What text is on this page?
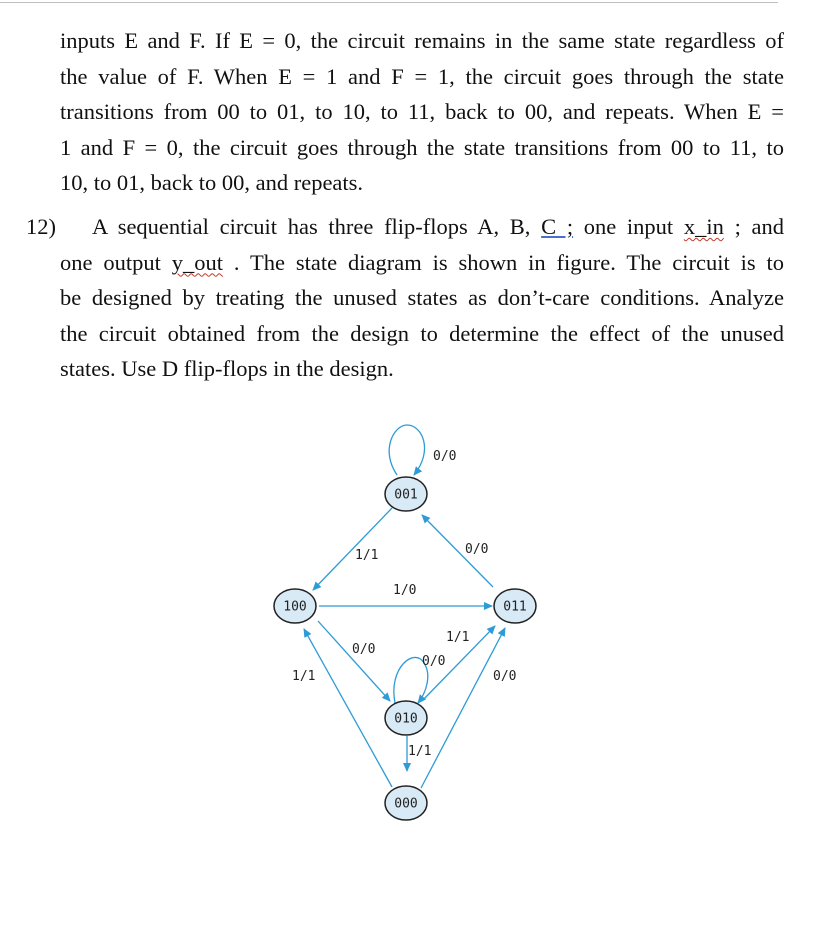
inputs E and F. If E = 0, the circuit remains in the same state regardless of
the value of F. When E = 1 and F = 1, the circuit goes through the state
transitions from 00 to 01, to 10, to 11, back to 00, and repeats. When E =
1 and F = 0, the circuit goes through the state transitions from 00 to 11, to
10, to 01, back to 00, and repeats.
12)	A sequential circuit has three flip-flops A, B, C ; one input x_in ; and
one output y_out . The state diagram is shown in figure. The circuit is to
be designed by treating the unused states as don’t-care conditions. Analyze
the circuit obtained from the design to determine the effect of the unused
states. Use D flip-flops in the design.
001
100	011
010
000
0/0
1/1	0/0
1/0
0/0
1/1
0/0
1/1	0/0
1/1
